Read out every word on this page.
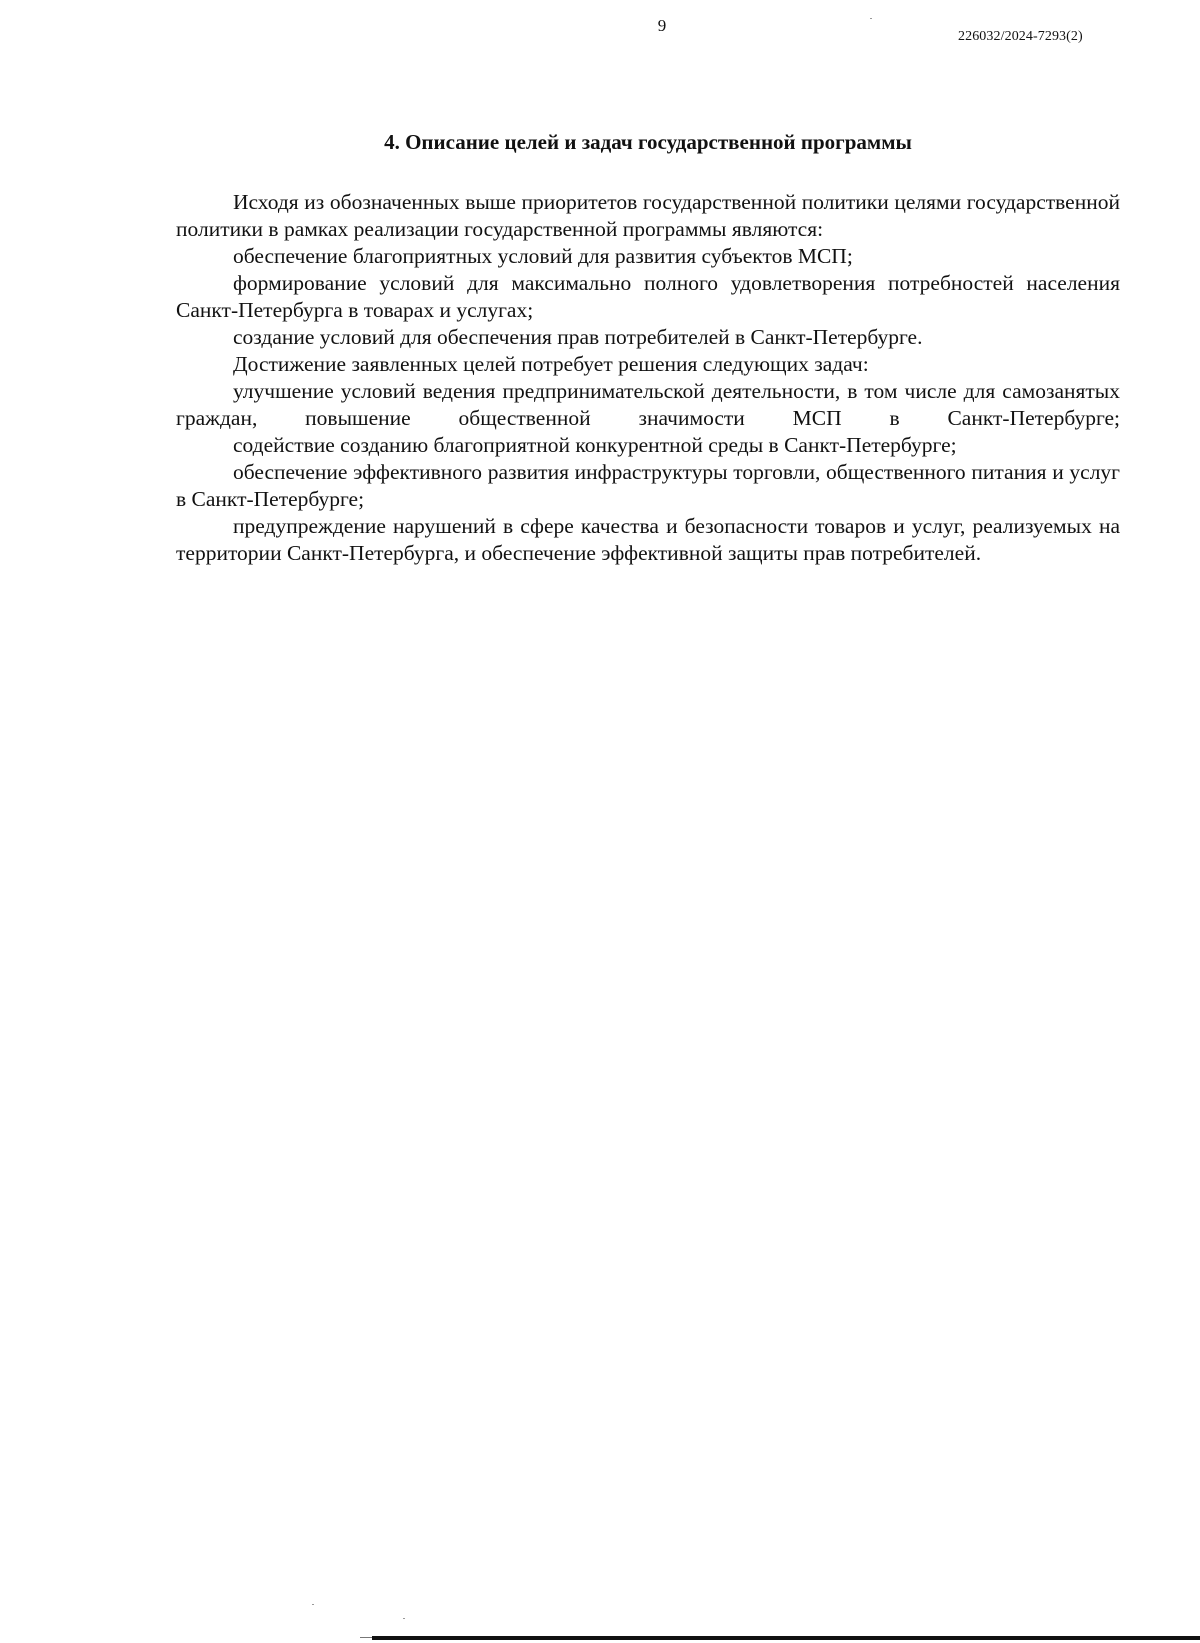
9
226032/2024-7293(2)
4. Описание целей и задач государственной программы

Исходя из обозначенных выше приоритетов государственной политики целями государственной политики в рамках реализации государственной программы являются:

обеспечение благоприятных условий для развития субъектов МСП;

формирование условий для максимально полного удовлетворения потребностей населения Санкт-Петербурга в товарах и услугах;

создание условий для обеспечения прав потребителей в Санкт-Петербурге.

Достижение заявленных целей потребует решения следующих задач:

улучшение условий ведения предпринимательской деятельности, в том числе для самозанятых граждан, повышение общественной значимости МСП в Санкт-Петербурге;

содействие созданию благоприятной конкурентной среды в Санкт-Петербурге;

обеспечение эффективного развития инфраструктуры торговли, общественного питания и услуг в Санкт-Петербурге;

предупреждение нарушений в сфере качества и безопасности товаров и услуг, реализуемых на территории Санкт-Петербурга, и обеспечение эффективной защиты прав потребителей.
